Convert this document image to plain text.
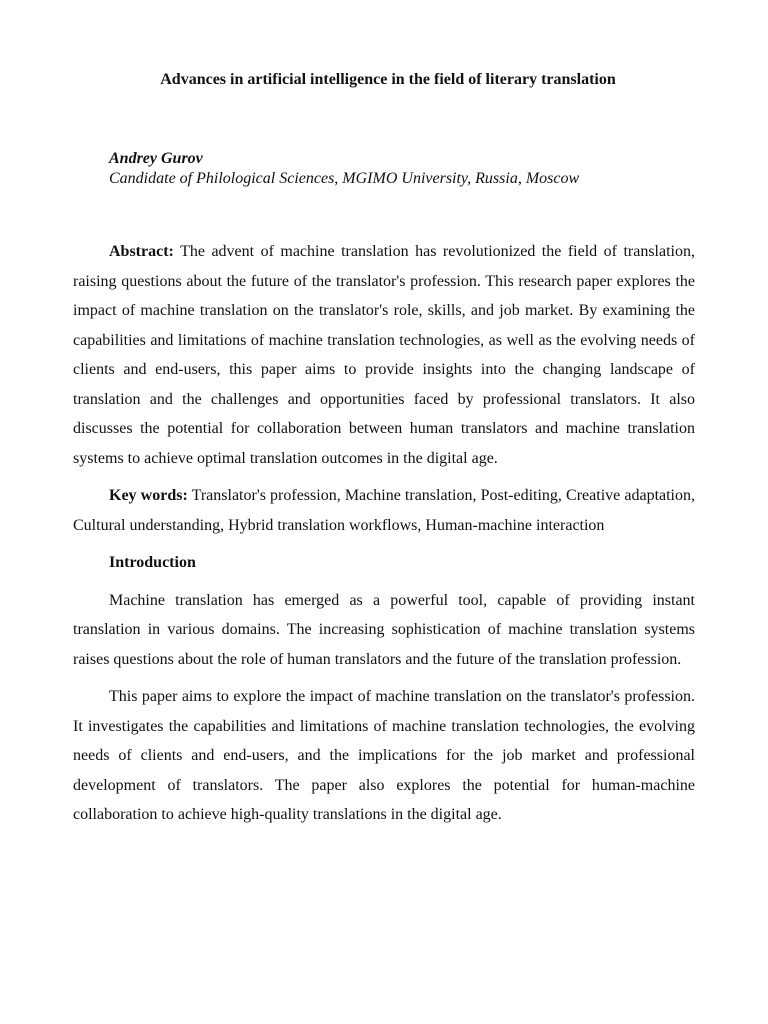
Advances in artificial intelligence in the field of literary translation
Andrey Gurov
Candidate of Philological Sciences, MGIMO University, Russia, Moscow

Abstract: The advent of machine translation has revolutionized the field of translation, raising questions about the future of the translator's profession. This research paper explores the impact of machine translation on the translator's role, skills, and job market. By examining the capabilities and limitations of machine translation technologies, as well as the evolving needs of clients and end-users, this paper aims to provide insights into the changing landscape of translation and the challenges and opportunities faced by professional translators. It also discusses the potential for collaboration between human translators and machine translation systems to achieve optimal translation outcomes in the digital age.

Key words: Translator's profession, Machine translation, Post-editing, Creative adaptation, Cultural understanding, Hybrid translation workflows, Human-machine interaction

Introduction

Machine translation has emerged as a powerful tool, capable of providing instant translation in various domains. The increasing sophistication of machine translation systems raises questions about the role of human translators and the future of the translation profession.

This paper aims to explore the impact of machine translation on the translator's profession. It investigates the capabilities and limitations of machine translation technologies, the evolving needs of clients and end-users, and the implications for the job market and professional development of translators. The paper also explores the potential for human-machine collaboration to achieve high-quality translations in the digital age.
